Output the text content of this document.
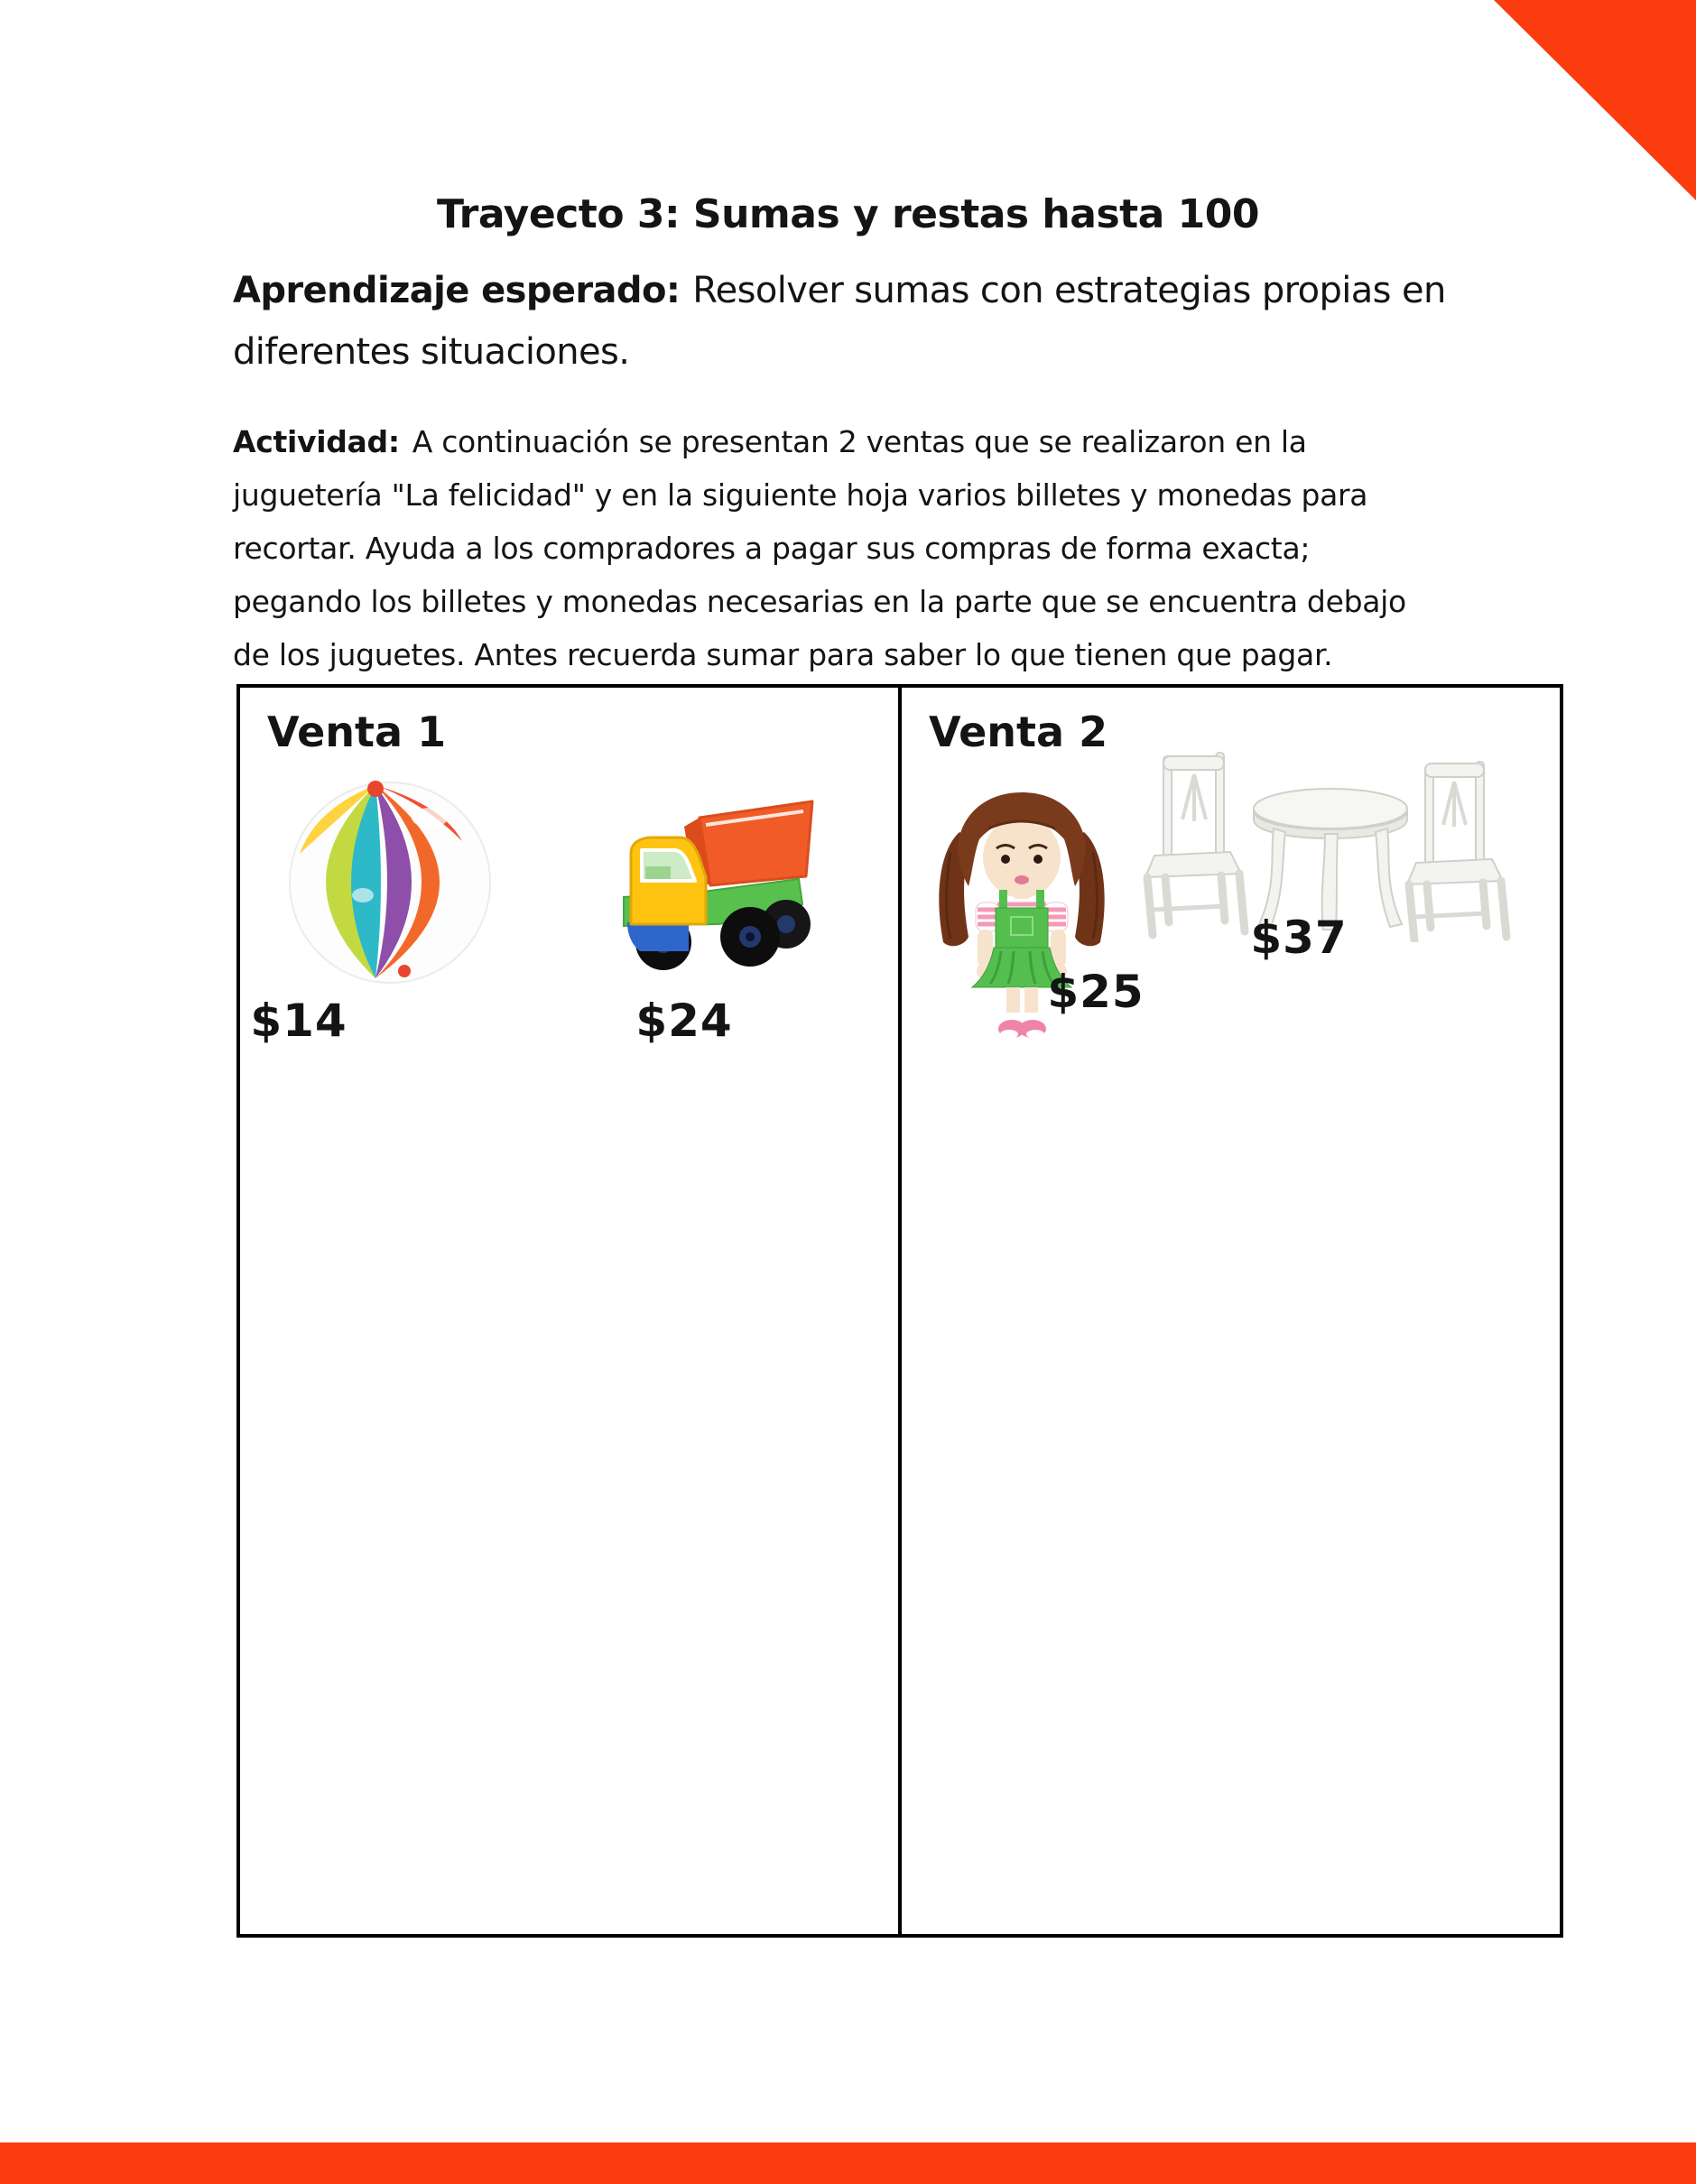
Trayecto 3: Sumas y restas hasta 100
Aprendizaje esperado: Resolver sumas con estrategias propias en
diferentes situaciones.
Actividad: A continuación se presentan 2 ventas que se realizaron en la
juguetería "La felicidad" y en la siguiente hoja varios billetes y monedas para
recortar. Ayuda a los compradores a pagar sus compras de forma exacta;
pegando los billetes y monedas necesarias en la parte que se encuentra debajo
de los juguetes. Antes recuerda sumar para saber lo que tienen que pagar.
Venta 1
$14	$24
Venta 2
$25
$37
